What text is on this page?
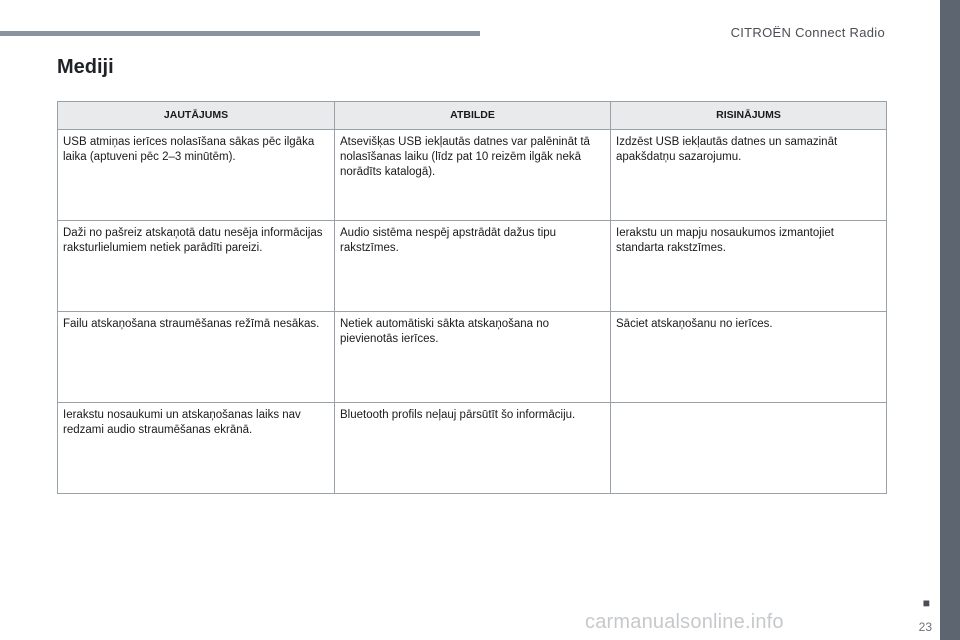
CITROËN Connect Radio
Mediji
JAUTĀJUMS	ATBILDE	RISINĀJUMS
USB atmiņas ierīces nolasīšana sākas pēc ilgāka laika (aptuveni pēc 2–3 minūtēm).	Atsevišķas USB iekļautās datnes var palēnināt tā nolasīšanas laiku (līdz pat 10 reizēm ilgāk nekā norādīts katalogā).	Izdzēst USB iekļautās datnes un samazināt apakšdatņu sazarojumu.
Daži no pašreiz atskaņotā datu nesēja informācijas raksturlielumiem netiek parādīti pareizi.	Audio sistēma nespēj apstrādāt dažus tipu rakstzīmes.	Ierakstu un mapju nosaukumos izmantojiet standarta rakstzīmes.
Failu atskaņošana straumēšanas režīmā nesākas.	Netiek automātiski sākta atskaņošana no pievienotās ierīces.	Sāciet atskaņošanu no ierīces.
Ierakstu nosaukumi un atskaņošanas laiks nav redzami audio straumēšanas ekrānā.	Bluetooth profils neļauj pārsūtīt šo informāciju.	
■
23
carmanualsonline.info
